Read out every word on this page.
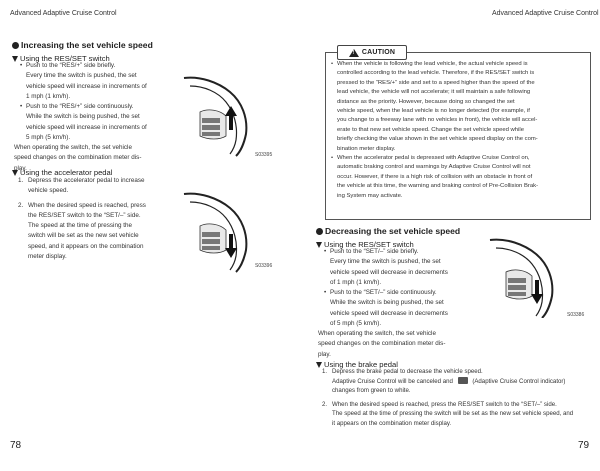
Advanced Adaptive Cruise Control	Advanced Adaptive Cruise Control
Increasing the set vehicle speed
Using the RES/SET switch
• Push to the “RES/+” side briefly.
Every time the switch is pushed, the set
vehicle speed will increase in increments of
1 mph (1 km/h).
• Push to the “RES/+” side continuously.
While the switch is being pushed, the set
vehicle speed will increase in increments of
5 mph (5 km/h).
When operating the switch, the set vehicle
speed changes on the combination meter dis-
play.
S03395
Using the accelerator pedal
1. Depress the accelerator pedal to increase
vehicle speed.
2. When the desired speed is reached, press
the RES/SET switch to the “SET/–” side.
The speed at the time of pressing the
switch will be set as the new set vehicle
speed, and it appears on the combination
meter display.
S03396
78
!
CAUTION
• When the vehicle is following the lead vehicle, the actual vehicle speed is
controlled according to the lead vehicle. Therefore, if the RES/SET switch is
pressed to the “RES/+” side and set to a speed higher than the speed of the
lead vehicle, the vehicle will not accelerate; it will maintain a safe following
distance as the priority. However, because doing so changed the set
vehicle speed, when the lead vehicle is no longer detected (for example, if
you change to a freeway lane with no vehicles in front), the vehicle will accel-
erate to that new set vehicle speed. Change the set vehicle speed while
briefly checking the value shown in the set vehicle speed display on the com-
bination meter display.
• When the accelerator pedal is depressed with Adaptive Cruise Control on,
automatic braking control and warnings by Adaptive Cruise Control will not
occur. However, if there is a high risk of collision with an obstacle in front of
the vehicle at this time, the warning and braking control of Pre-Collision Brak-
ing System may activate.
Decreasing the set vehicle speed
Using the RES/SET switch
• Push to the “SET/–” side briefly.
Every time the switch is pushed, the set
vehicle speed will decrease in decrements
of 1 mph (1 km/h).
• Push to the “SET/–” side continuously.
While the switch is being pushed, the set
vehicle speed will decrease in decrements
of 5 mph (5 km/h).
When operating the switch, the set vehicle
speed changes on the combination meter dis-
play.
S03386
Using the brake pedal
1. Depress the brake pedal to decrease the vehicle speed.
Adaptive Cruise Control will be canceled and	(Adaptive Cruise Control indicator)
changes from green to white.
2. When the desired speed is reached, press the RES/SET switch to the “SET/–” side.
The speed at the time of pressing the switch will be set as the new set vehicle speed, and
it appears on the combination meter display.
79
